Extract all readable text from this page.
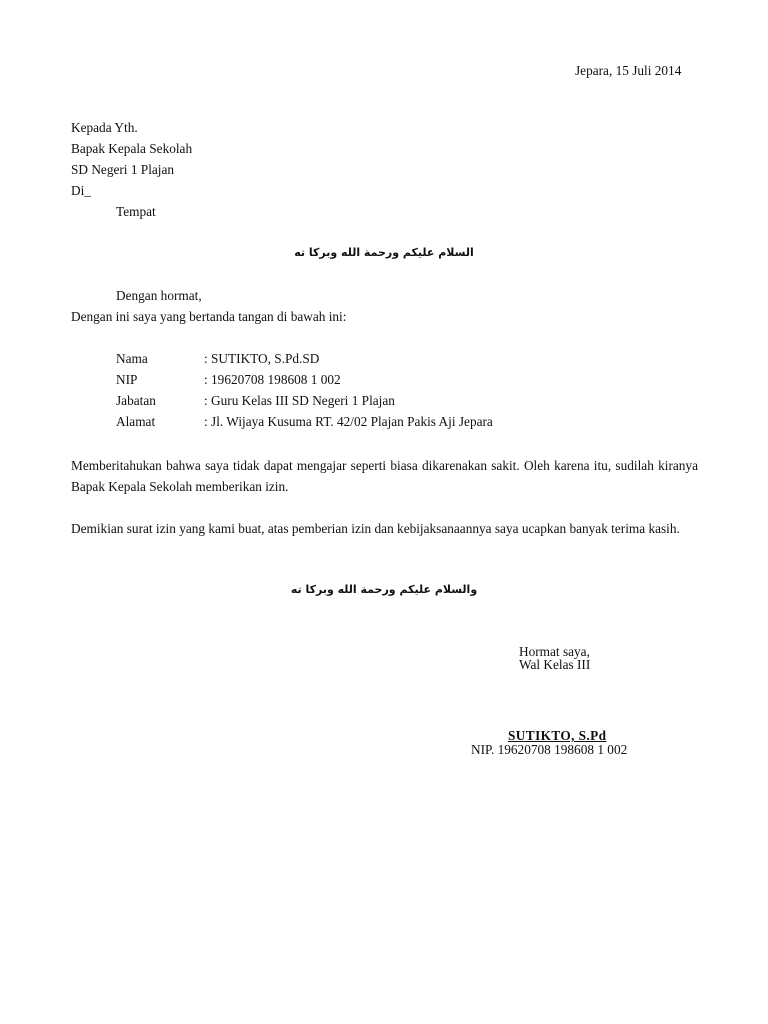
Jepara, 15 Juli 2014
Kepada Yth.
Bapak Kepala Sekolah
SD Negeri 1 Plajan
Di_
Tempat
السلام عليكم ورحمة الله وبركا ته
Dengan hormat,
Dengan ini saya yang bertanda tangan di bawah ini:
Nama	: SUTIKTO, S.Pd.SD
NIP	: 19620708 198608 1 002
Jabatan	: Guru Kelas III SD Negeri 1 Plajan
Alamat	: Jl. Wijaya Kusuma RT. 42/02 Plajan Pakis Aji Jepara
Memberitahukan bahwa saya tidak dapat mengajar seperti biasa dikarenakan sakit. Oleh karena itu, sudilah kiranya Bapak Kepala Sekolah memberikan izin.
Demikian surat izin yang kami buat, atas pemberian izin dan kebijaksanaannya saya ucapkan banyak terima kasih.
والسلام عليكم ورحمة الله وبركا ته
Hormat saya,
Wal Kelas III
SUTIKTO, S.Pd
NIP. 19620708 198608 1 002
